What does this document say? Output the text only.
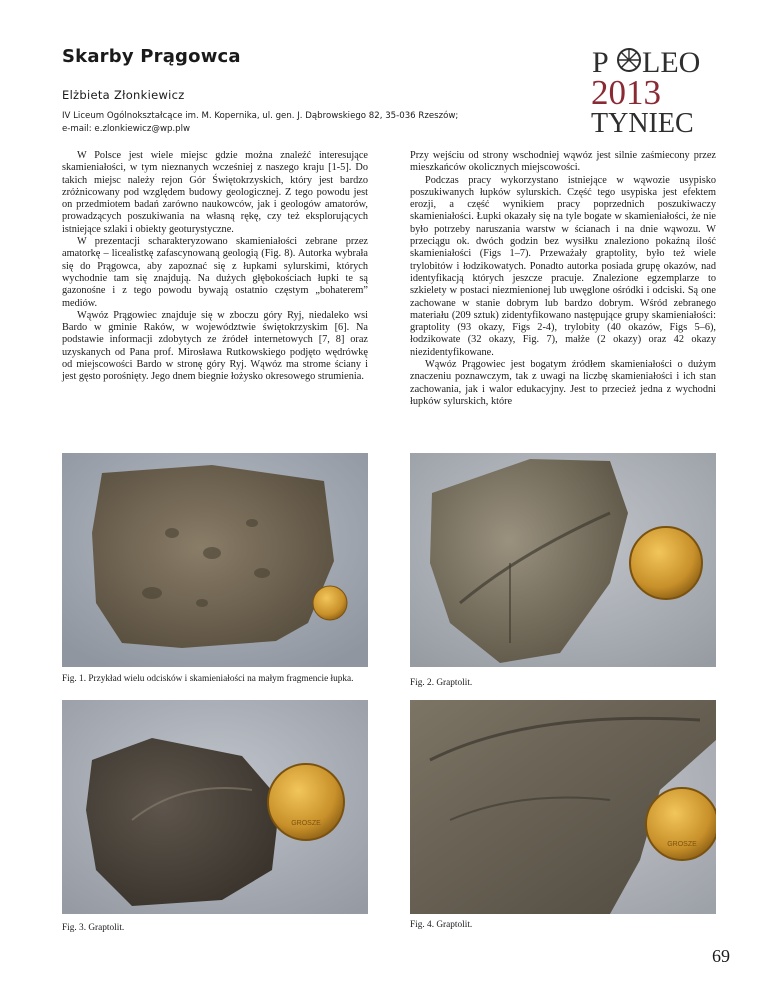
Skarby Prągowca
Elżbieta Złonkiewicz
IV Liceum Ogólnokształcące im. M. Kopernika, ul. gen. J. Dąbrowskiego 82, 35-036 Rzeszów;
e-mail: e.zlonkiewicz@wp.plw
P LEO
2013
TYNIEC

W Polsce jest wiele miejsc gdzie można znaleźć interesujące skamieniałości, w tym nieznanych wcześniej z naszego kraju [1-5]. Do takich miejsc należy rejon Gór Świętokrzyskich, który jest bardzo zróżnicowany pod względem budowy geologicznej. Z tego powodu jest on przedmiotem badań zarówno naukowców, jak i geologów amatorów, prowadzących poszukiwania na własną rękę, czy też eksplorujących istniejące szlaki i obiekty geoturystyczne.

W prezentacji scharakteryzowano skamieniałości zebrane przez amatorkę – licealistkę zafascynowaną geologią (Fig. 8). Autorka wybrała się do Prągowca, aby zapoznać się z łupkami sylurskimi, których wychodnie tam się znajdują. Na dużych głębokościach łupki te są gazonośne i z tego powodu bywają ostatnio częstym „bohaterem” mediów.

Wąwóz Prągowiec znajduje się w zboczu góry Ryj, niedaleko wsi Bardo w gminie Raków, w województwie świętokrzyskim [6]. Na podstawie informacji zdobytych ze źródeł internetowych [7, 8] oraz uzyskanych od Pana prof. Mirosława Rutkowskiego podjęto wędrówkę od miejscowości Bardo w stronę góry Ryj. Wąwóz ma strome ściany i jest gęsto porośnięty. Jego dnem biegnie łożysko okresowego strumienia.

Przy wejściu od strony wschodniej wąwóz jest silnie zaśmiecony przez mieszkańców okolicznych miejscowości.

Podczas pracy wykorzystano istniejące w wąwozie usypisko poszukiwanych łupków sylurskich. Część tego usypiska jest efektem erozji, a część wynikiem pracy poprzednich poszukiwaczy skamieniałości. Łupki okazały się na tyle bogate w skamieniałości, że nie było potrzeby naruszania warstw w ścianach i na dnie wąwozu. W przeciągu ok. dwóch godzin bez wysiłku znaleziono pokaźną ilość skamieniałości (Figs 1–7). Przeważały graptolity, było też wiele trylobitów i łodzikowatych. Ponadto autorka posiada grupę okazów, nad identyfikacją których jeszcze pracuje. Znalezione egzemplarze to szkielety w postaci niezmienionej lub uwęglone ośródki i odciski. Są one zachowane w stanie dobrym lub bardzo dobrym. Wśród zebranego materiału (209 sztuk) zidentyfikowano następujące grupy skamieniałości: graptolity (93 okazy, Figs 2-4), trylobity (40 okazów, Figs 5–6), łodzikowate (32 okazy, Fig. 7), małże (2 okazy) oraz 42 okazy niezidentyfikowane.

Wąwóz Prągowiec jest bogatym źródłem skamieniałości o dużym znaczeniu poznawczym, tak z uwagi na liczbę skamieniałości i ich stan zachowania, jak i walor edukacyjny. Jest to przecież jedna z wychodni łupków sylurskich, które

Fig. 1. Przykład wielu odcisków i skamieniałości na małym fragmencie łupka.	Fig. 2. Graptolit.
GROSZE
Fig. 3. Graptolit.
GROSZE
Fig. 4. Graptolit.
69
